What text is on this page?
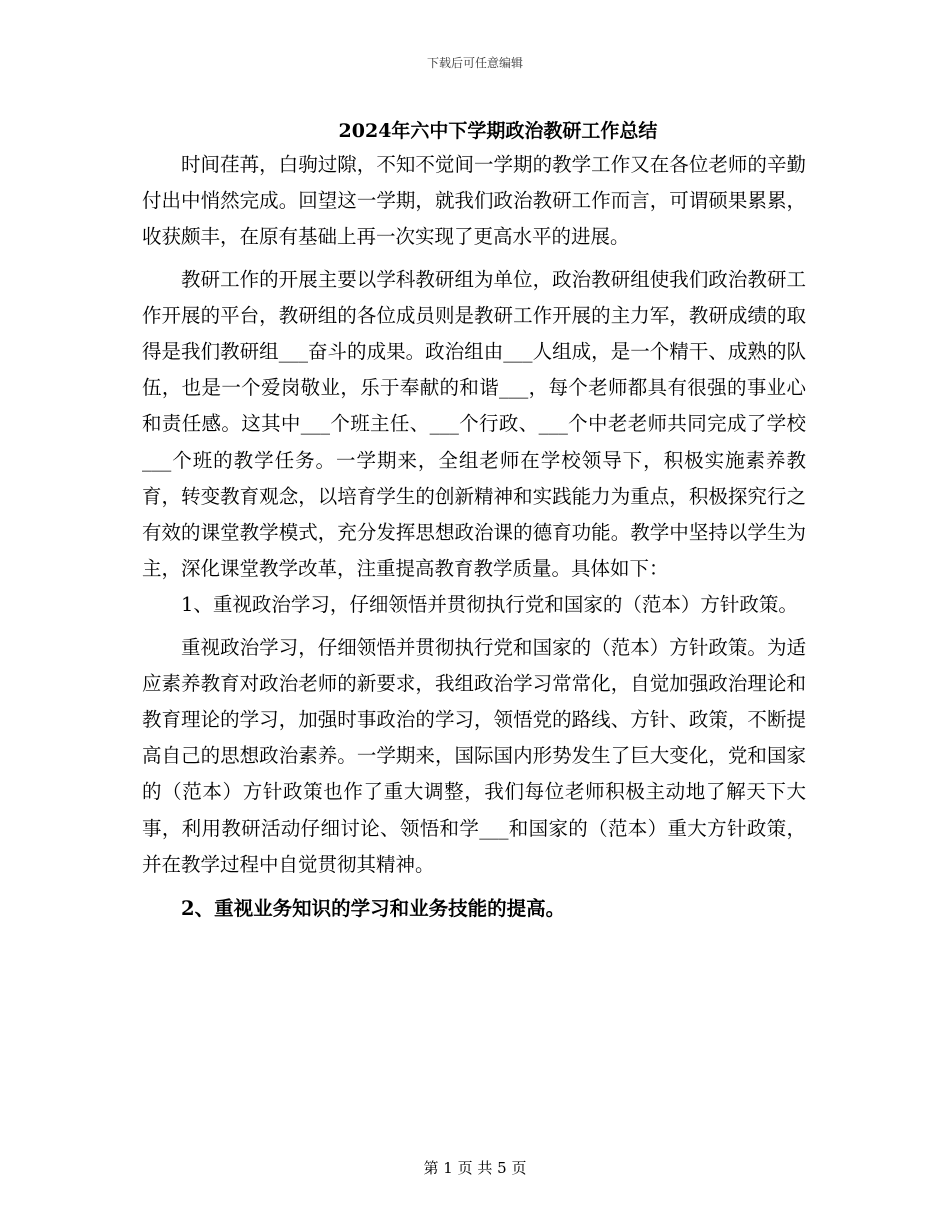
下载后可任意编辑
2024年六中下学期政治教研工作总结

时间荏苒，白驹过隙，不知不觉间一学期的教学工作又在各位老师的辛勤付出中悄然完成。回望这一学期，就我们政治教研工作而言，可谓硕果累累，收获颇丰，在原有基础上再一次实现了更高水平的进展。

教研工作的开展主要以学科教研组为单位，政治教研组使我们政治教研工作开展的平台，教研组的各位成员则是教研工作开展的主力军，教研成绩的取得是我们教研组___奋斗的成果。政治组由___人组成，是一个精干、成熟的队伍，也是一个爱岗敬业，乐于奉献的和谐___，每个老师都具有很强的事业心和责任感。这其中___个班主任、___个行政、___个中老老师共同完成了学校___个班的教学任务。一学期来，全组老师在学校领导下，积极实施素养教育，转变教育观念，以培育学生的创新精神和实践能力为重点，积极探究行之有效的课堂教学模式，充分发挥思想政治课的德育功能。教学中坚持以学生为主，深化课堂教学改革，注重提高教育教学质量。具体如下：

1、重视政治学习，仔细领悟并贯彻执行党和国家的（范本）方针政策。

重视政治学习，仔细领悟并贯彻执行党和国家的（范本）方针政策。为适应素养教育对政治老师的新要求，我组政治学习常常化，自觉加强政治理论和教育理论的学习，加强时事政治的学习，领悟党的路线、方针、政策，不断提高自己的思想政治素养。一学期来，国际国内形势发生了巨大变化，党和国家的（范本）方针政策也作了重大调整，我们每位老师积极主动地了解天下大事，利用教研活动仔细讨论、领悟和学___和国家的（范本）重大方针政策，并在教学过程中自觉贯彻其精神。

2、重视业务知识的学习和业务技能的提高。

第 1 页 共 5 页
